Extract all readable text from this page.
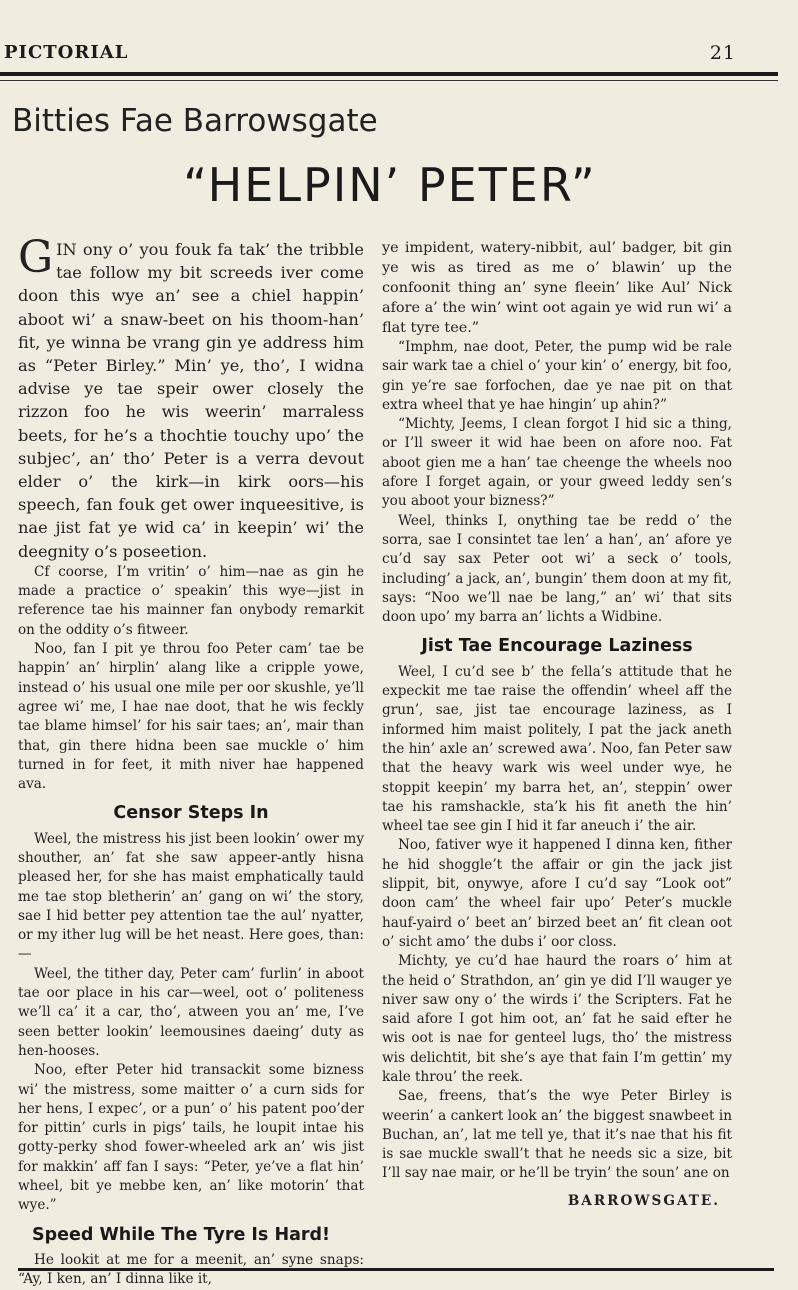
PICTORIAL	21
Bitties Fae Barrowsgate
“HELPIN’ PETER”

GIN ony o’ you fouk fa tak’ the tribble tae follow my bit screeds iver come doon this wye an’ see a chiel happin’ aboot wi’ a snaw-beet on his thoom-han’ fit, ye winna be vrang gin ye address him as “Peter Birley.” Min’ ye, tho’, I widna advise ye tae speir ower closely the rizzon foo he wis weerin’ marraless beets, for he’s a thochtie touchy upo’ the subjec’, an’ tho’ Peter is a verra devout elder o’ the kirk—in kirk oors—his speech, fan fouk get ower inqueesitive, is nae jist fat ye wid ca’ in keepin’ wi’ the deegnity o’s poseetion.

Cf coorse, I’m vritin’ o’ him—nae as gin he made a practice o’ speakin’ this wye—jist in reference tae his mainner fan onybody remarkit on the oddity o’s fitweer.

Noo, fan I pit ye throu foo Peter cam’ tae be happin’ an’ hirplin’ alang like a cripple yowe, instead o’ his usual one mile per oor skushle, ye’ll agree wi’ me, I hae nae doot, that he wis feckly tae blame himsel’ for his sair taes; an’, mair than that, gin there hidna been sae muckle o’ him turned in for feet, it mith niver hae happened ava.

Censor Steps In

Weel, the mistress his jist been lookin’ ower my shouther, an’ fat she saw appeer-antly hisna pleased her, for she has maist emphatically tauld me tae stop bletherin’ an’ gang on wi’ the story, sae I hid better pey attention tae the aul’ nyatter, or my ither lug will be het neast. Here goes, than:—

Weel, the tither day, Peter cam’ furlin’ in aboot tae oor place in his car—weel, oot o’ politeness we’ll ca’ it a car, tho’, atween you an’ me, I’ve seen better lookin’ leemousines daeing’ duty as hen-hooses.

Noo, efter Peter hid transackit some bizness wi’ the mistress, some maitter o’ a curn sids for her hens, I expec’, or a pun’ o’ his patent poo’der for pittin’ curls in pigs’ tails, he loupit intae his gotty-perky shod fower-wheeled ark an’ wis jist for makkin’ aff fan I says: “Peter, ye’ve a flat hin’ wheel, bit ye mebbe ken, an’ like motorin’ that wye.”

Speed While The Tyre Is Hard!

He lookit at me for a meenit, an’ syne snaps: “Ay, I ken, an’ I dinna like it,

ye impident, watery-nibbit, aul’ badger, bit gin ye wis as tired as me o’ blawin’ up the confoonit thing an’ syne fleein’ like Aul’ Nick afore a’ the win’ wint oot again ye wid run wi’ a flat tyre tee.”

“Imphm, nae doot, Peter, the pump wid be rale sair wark tae a chiel o’ your kin’ o’ energy, bit foo, gin ye’re sae forfochen, dae ye nae pit on that extra wheel that ye hae hingin’ up ahin?”

“Michty, Jeems, I clean forgot I hid sic a thing, or I’ll sweer it wid hae been on afore noo. Fat aboot gien me a han’ tae cheenge the wheels noo afore I forget again, or your gweed leddy sen’s you aboot your bizness?”

Weel, thinks I, onything tae be redd o’ the sorra, sae I consintet tae len’ a han’, an’ afore ye cu’d say sax Peter oot wi’ a seck o’ tools, including’ a jack, an’, bungin’ them doon at my fit, says: “Noo we’ll nae be lang,” an’ wi’ that sits doon upo’ my barra an’ lichts a Widbine.

Jist Tae Encourage Laziness

Weel, I cu’d see b’ the fella’s attitude that he expeckit me tae raise the offendin’ wheel aff the grun’, sae, jist tae encourage laziness, as I informed him maist politely, I pat the jack aneth the hin’ axle an’ screwed awa’. Noo, fan Peter saw that the heavy wark wis weel under wye, he stoppit keepin’ my barra het, an’, steppin’ ower tae his ramshackle, sta’k his fit aneth the hin’ wheel tae see gin I hid it far aneuch i’ the air.

Noo, fativer wye it happened I dinna ken, fither he hid shoggle’t the affair or gin the jack jist slippit, bit, onywye, afore I cu’d say “Look oot” doon cam’ the wheel fair upo’ Peter’s muckle hauf-yaird o’ beet an’ birzed beet an’ fit clean oot o’ sicht amo’ the dubs i’ oor closs.

Michty, ye cu’d hae haurd the roars o’ him at the heid o’ Strathdon, an’ gin ye did I’ll wauger ye niver saw ony o’ the wirds i’ the Scripters. Fat he said afore I got him oot, an’ fat he said efter he wis oot is nae for genteel lugs, tho’ the mistress wis delichtit, bit she’s aye that fain I’m gettin’ my kale throu’ the reek.

Sae, freens, that’s the wye Peter Birley is weerin’ a cankert look an’ the biggest snawbeet in Buchan, an’, lat me tell ye, that it’s nae that his fit is sae muckle swall’t that he needs sic a size, bit I’ll say nae mair, or he’ll be tryin’ the soun’ ane on

BARROWSGATE.
